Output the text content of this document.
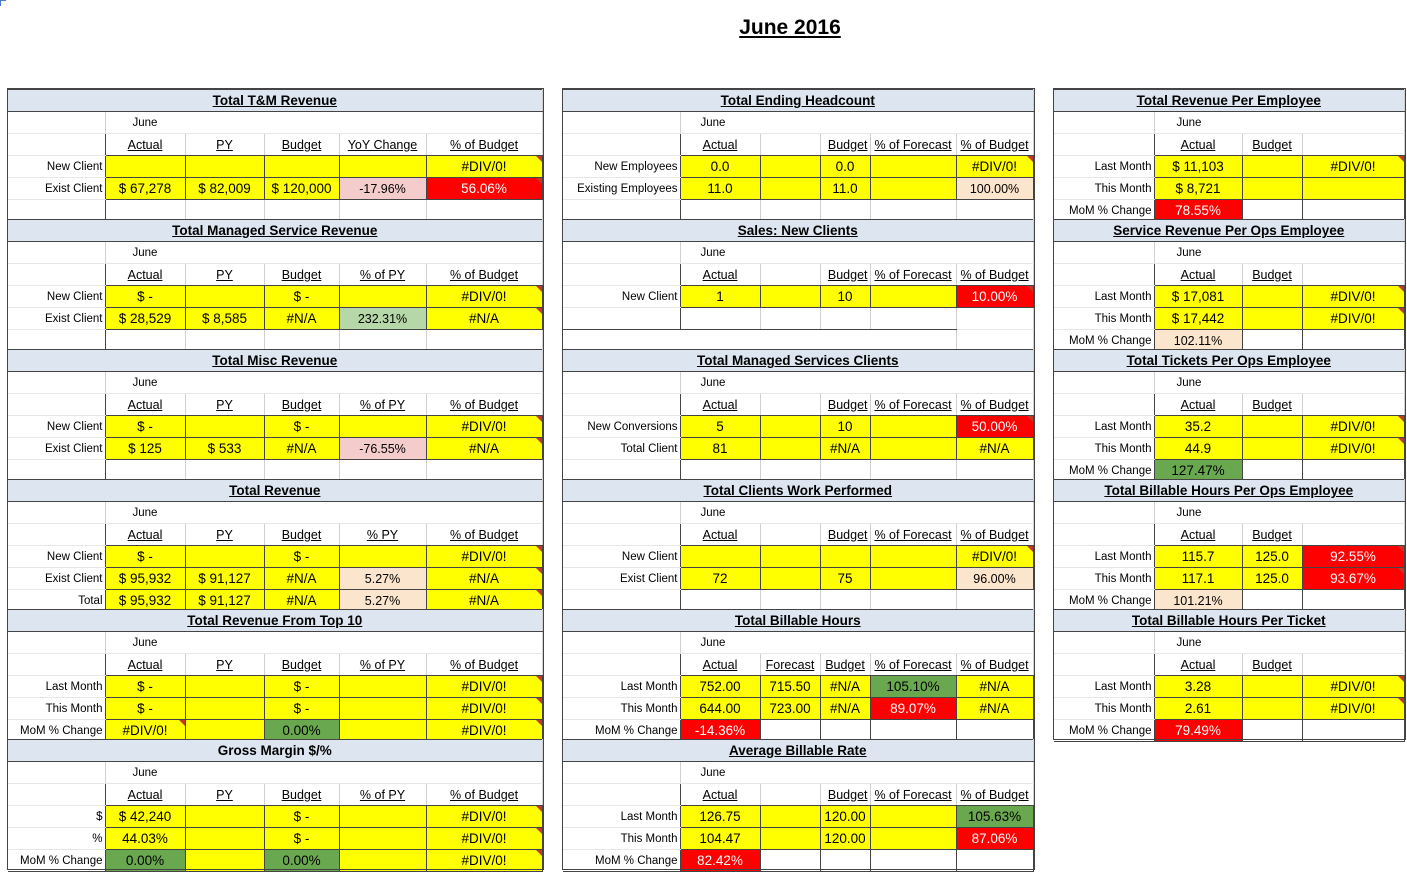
June 2016
Total T&M Revenue					
	June				
	Actual	PY	Budget	YoY Change	% of Budget
New Client					#DIV/0!
Exist Client	$ 67,278	$ 82,009	$ 120,000	-17.96%	56.06%

Total Managed Service Revenue					
	June				
	Actual	PY	Budget	% of PY	% of Budget
New Client	$ -		$ -		#DIV/0!
Exist Client	$ 28,529	$ 8,585	#N/A	232.31%	#N/A

Total Misc Revenue					
	June				
	Actual	PY	Budget	% of PY	% of Budget
New Client	$ -		$ -		#DIV/0!
Exist Client	$ 125	$ 533	#N/A	-76.55%	#N/A

Total Revenue					
	June				
	Actual	PY	Budget	% PY	% of Budget
New Client	$ -		$ -		#DIV/0!
Exist Client	$ 95,932	$ 91,127	#N/A	5.27%	#N/A
Total	$ 95,932	$ 91,127	#N/A	5.27%	#N/A
Total Revenue From Top 10					
	June				
	Actual	PY	Budget	% of PY	% of Budget
Last Month	$ -		$ -		#DIV/0!
This Month	$ -		$ -		#DIV/0!
MoM % Change	#DIV/0!		0.00%		#DIV/0!
Gross Margin $/%					
	June				
	Actual	PY	Budget	% of PY	% of Budget
$	$ 42,240		$ -		#DIV/0!
%	44.03%		$ -		#DIV/0!
MoM % Change	0.00%		0.00%		#DIV/0!
Total Ending Headcount					
	June				
	Actual		Budget	% of Forecast	% of Budget
New Employees	0.0		0.0		#DIV/0!
Existing Employees	11.0		11.0		100.00%

Sales: New Clients					
	June				
	Actual		Budget	% of Forecast	% of Budget
New Client	1		10		10.00%

Total Managed Services Clients					
	June				
	Actual		Budget	% of Forecast	% of Budget
New Conversions	5		10		50.00%
Total Client	81		#N/A		#N/A

Total Clients Work Performed					
	June				
	Actual		Budget	% of Forecast	% of Budget
New Client					#DIV/0!
Exist Client	72		75		96.00%

Total Billable Hours					
	June				
	Actual	Forecast	Budget	% of Forecast	% of Budget
Last Month	752.00	715.50	#N/A	105.10%	#N/A
This Month	644.00	723.00	#N/A	89.07%	#N/A
MoM % Change	-14.36%				
Average Billable Rate					
	June				
	Actual		Budget	% of Forecast	% of Budget
Last Month	126.75		120.00		105.63%
This Month	104.47		120.00		87.06%
MoM % Change	82.42%				
Total Revenue Per Employee			
	June		
	Actual	Budget	
Last Month	$ 11,103		#DIV/0!
This Month	$ 8,721		
MoM % Change	78.55%		
Service Revenue Per Ops Employee			
	June		
	Actual	Budget	
Last Month	$ 17,081		#DIV/0!
This Month	$ 17,442		#DIV/0!
MoM % Change	102.11%		
Total Tickets Per Ops Employee			
	June		
	Actual	Budget	
Last Month	35.2		#DIV/0!
This Month	44.9		#DIV/0!
MoM % Change	127.47%		
Total Billable Hours Per Ops Employee			
	June		
	Actual	Budget	
Last Month	115.7	125.0	92.55%
This Month	117.1	125.0	93.67%
MoM % Change	101.21%		
Total Billable Hours Per Ticket			
	June		
	Actual	Budget	
Last Month	3.28		#DIV/0!
This Month	2.61		#DIV/0!
MoM % Change	79.49%		
